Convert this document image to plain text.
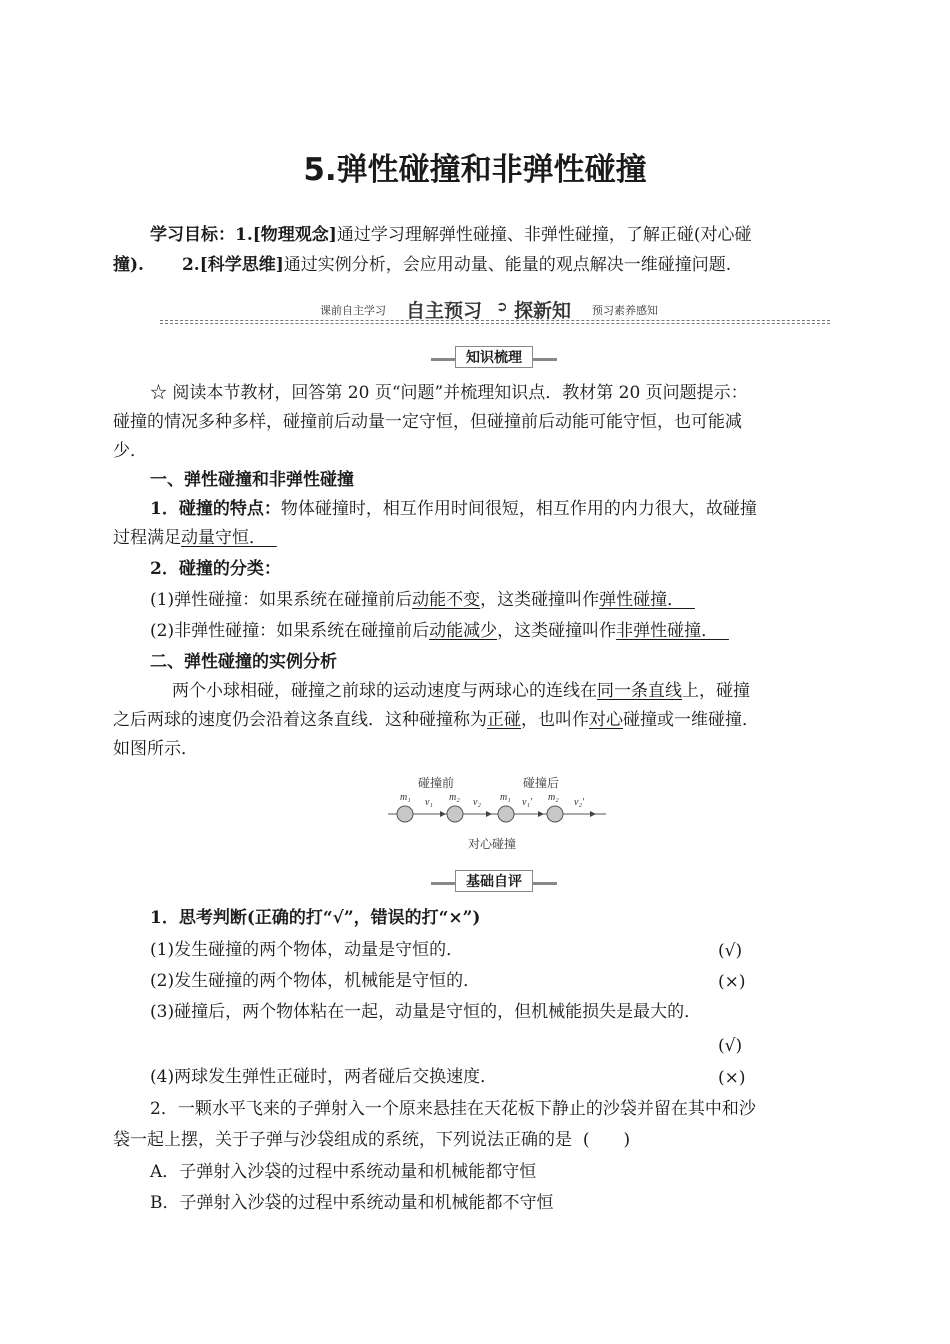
5.弹性碰撞和非弹性碰撞
学习目标：1.[物理观念]通过学习理解弹性碰撞、非弹性碰撞，了解正碰(对心碰
撞). 2.[科学思维]通过实例分析，会应用动量、能量的观点解决一维碰撞问题.
课前自主学习 自主预习 ➲ 探新知 预习素养感知
知识梳理
☆ 阅读本节教材，回答第 20 页“问题”并梳理知识点．教材第 20 页问题提示：
碰撞的情况多种多样，碰撞前后动量一定守恒，但碰撞前后动能可能守恒，也可能减
少．
一、弹性碰撞和非弹性碰撞
1．碰撞的特点：物体碰撞时，相互作用时间很短，相互作用的内力很大，故碰撞
过程满足动量守恒．
2．碰撞的分类：
(1)弹性碰撞：如果系统在碰撞前后动能不变，这类碰撞叫作弹性碰撞．
(2)非弹性碰撞：如果系统在碰撞前后动能减少，这类碰撞叫作非弹性碰撞．
二、弹性碰撞的实例分析
两个小球相碰，碰撞之前球的运动速度与两球心的连线在同一条直线上，碰撞
之后两球的速度仍会沿着这条直线．这种碰撞称为正碰，也叫作对心碰撞或一维碰撞．
如图所示．
碰撞前	碰撞后
m₁ v₁ m₂ v₂ m₁ v₁′ m₂ v₂′
对心碰撞
基础自评
1．思考判断(正确的打“√”，错误的打“×”)
(1)发生碰撞的两个物体，动量是守恒的．	(√)
(2)发生碰撞的两个物体，机械能是守恒的．	(×)
(3)碰撞后，两个物体粘在一起，动量是守恒的，但机械能损失是最大的．
(√)
(4)两球发生弹性正碰时，两者碰后交换速度．	(×)
2．一颗水平飞来的子弹射入一个原来悬挂在天花板下静止的沙袋并留在其中和沙
袋一起上摆，关于子弹与沙袋组成的系统，下列说法正确的是 (　　)
A．子弹射入沙袋的过程中系统动量和机械能都守恒
B．子弹射入沙袋的过程中系统动量和机械能都不守恒
